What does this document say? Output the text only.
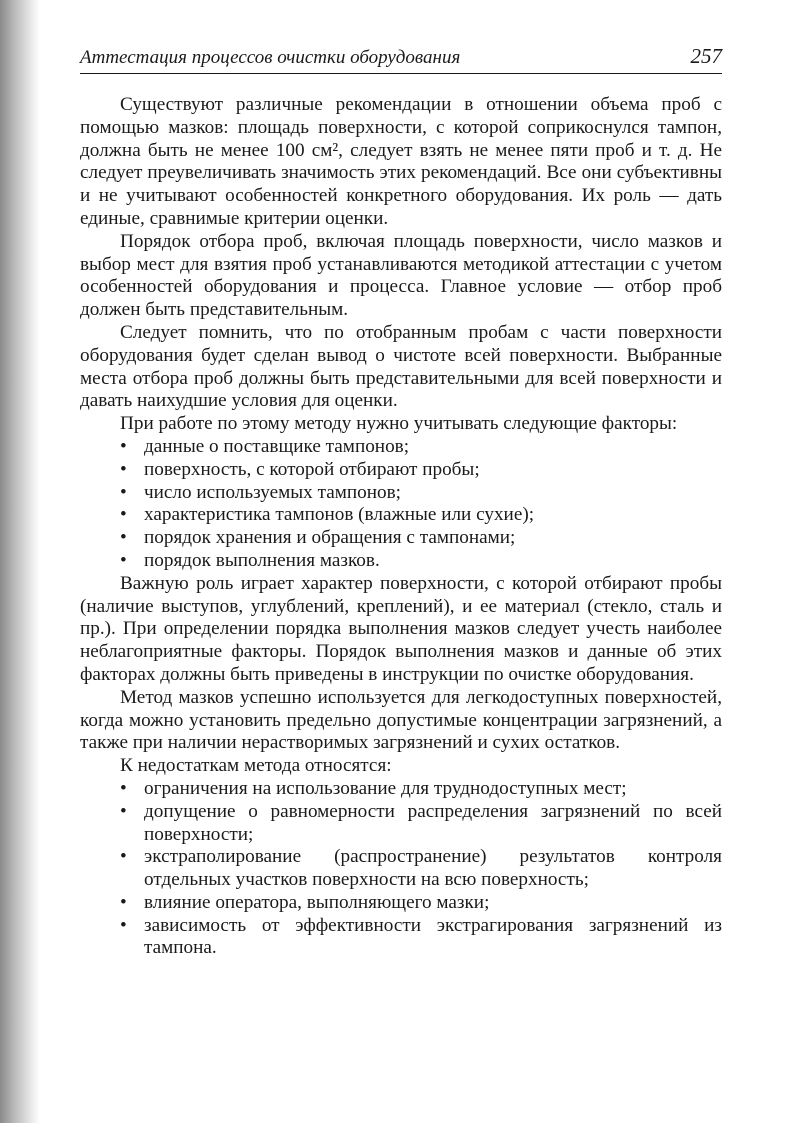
Аттестация процессов очистки оборудования	257

Существуют различные рекомендации в отношении объема проб с помощью мазков: площадь поверхности, с которой соприкоснулся тампон, должна быть не менее 100 см², следует взять не менее пяти проб и т. д. Не следует преувеличивать значимость этих рекомендаций. Все они субъективны и не учитывают особенностей конкретного оборудования. Их роль — дать единые, сравнимые критерии оценки.

Порядок отбора проб, включая площадь поверхности, число мазков и выбор мест для взятия проб устанавливаются методикой аттестации с учетом особенностей оборудования и процесса. Главное условие — отбор проб должен быть представительным.

Следует помнить, что по отобранным пробам с части поверхности оборудования будет сделан вывод о чистоте всей поверхности. Выбранные места отбора проб должны быть представительными для всей поверхности и давать наихудшие условия для оценки.

При работе по этому методу нужно учитывать следующие факторы:

• данные о поставщике тампонов;
• поверхность, с которой отбирают пробы;
• число используемых тампонов;
• характеристика тампонов (влажные или сухие);
• порядок хранения и обращения с тампонами;
• порядок выполнения мазков.

Важную роль играет характер поверхности, с которой отбирают пробы (наличие выступов, углублений, креплений), и ее материал (стекло, сталь и пр.). При определении порядка выполнения мазков следует учесть наиболее неблагоприятные факторы. Порядок выполнения мазков и данные об этих факторах должны быть приведены в инструкции по очистке оборудования.

Метод мазков успешно используется для легкодоступных поверхностей, когда можно установить предельно допустимые концентрации загрязнений, а также при наличии нерастворимых загрязнений и сухих остатков.

К недостаткам метода относятся:

• ограничения на использование для труднодоступных мест;
• допущение о равномерности распределения загрязнений по всей поверхности;
• экстраполирование (распространение) результатов контроля отдельных участков поверхности на всю поверхность;
• влияние оператора, выполняющего мазки;
• зависимость от эффективности экстрагирования загрязнений из тампона.
